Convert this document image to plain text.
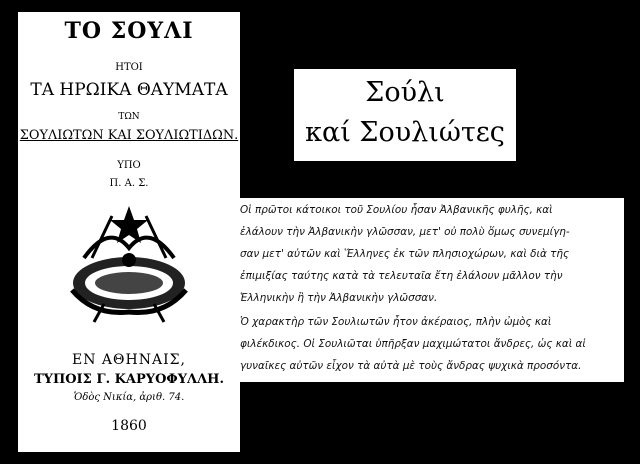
ΤΟ ΣΟΥΛΙ
ΗΤΟΙ
ΤΑ ΗΡΩΙΚΑ ΘΑΥΜΑΤΑ
ΤΩΝ
ΣΟΥΛΙΩΤΩΝ ΚΑΙ ΣΟΥΛΙΩΤΙΔΩΝ.
ΥΠΟ
Π. Α. Σ.
ΕΝ ΑΘΗΝΑΙΣ,
ΤΥΠΟΙΣ Γ. ΚΑΡΥΟΦΥΛΛΗ.
Ὁδὸς Νικία, ἀριθ. 74.
1860
Σούλι
καί Σουλιώτες
Οἱ πρῶτοι κάτοικοι τοῦ Σουλίου ἦσαν Ἀλβανικῆς φυλῆς, καὶ
ἐλάλουν τὴν Ἀλβανικὴν γλῶσσαν, μετ' οὐ πολὺ ὅμως συνεμίγη-
σαν μετ' αὐτῶν καὶ Ἕλληνες ἐκ τῶν πλησιοχώρων, καὶ διὰ τῆς
ἐπιμιξίας ταύτης κατὰ τὰ τελευταῖα ἔτη ἐλάλουν μᾶλλον τὴν
Ἑλληνικὴν ἢ τὴν Ἀλβανικὴν γλῶσσαν.
Ὁ χαρακτὴρ τῶν Σουλιωτῶν ἦτον ἀκέραιος, πλὴν ὠμὸς καὶ
φιλέκδικος. Οἱ Σουλιῶται ὑπῆρξαν μαχιμώτατοι ἄνδρες, ὡς καὶ αἱ
γυναῖκες αὐτῶν εἶχον τὰ αὐτὰ μὲ τοὺς ἄνδρας ψυχικὰ προσόντα.
